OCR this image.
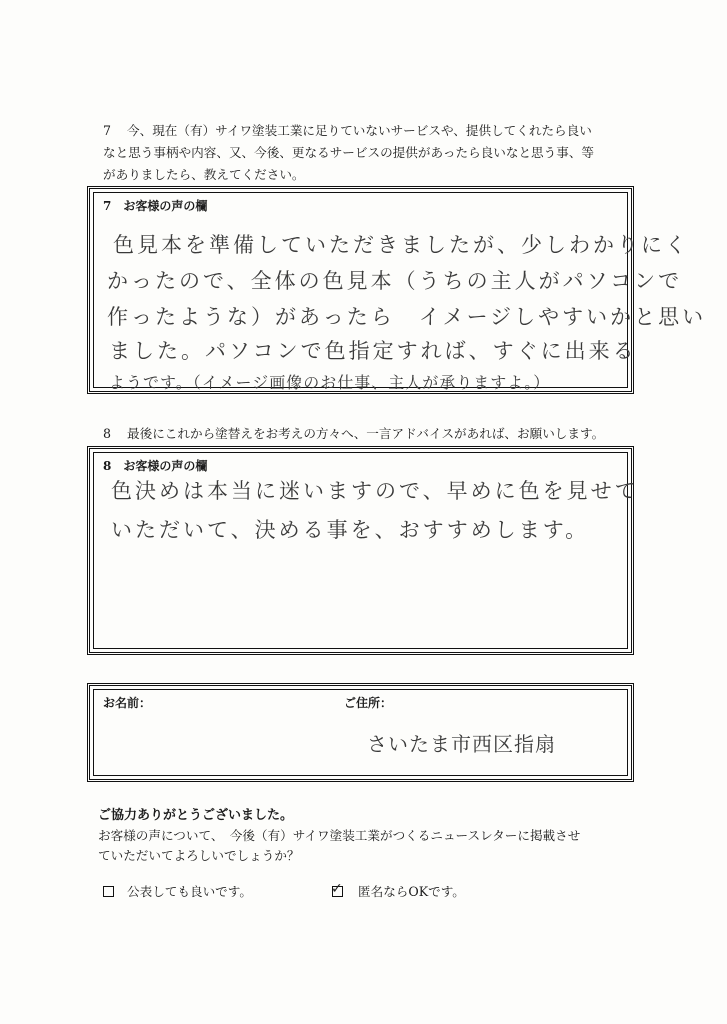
7 今、現在（有）サイワ塗装工業に足りていないサービスや、提供してくれたら良い
なと思う事柄や内容、又、今後、更なるサービスの提供があったら良いなと思う事、等
がありましたら、教えてください。
7　お客様の声の欄
色見本を準備していただきましたが、少しわかりにく
かったので、全体の色見本（うちの主人がパソコンで
作ったような）があったら　イメージしやすいかと思い
ました。パソコンで色指定すれば、すぐに出来る
ようです。（イメージ画像のお仕事、主人が承りますよ。）
8 最後にこれから塗替えをお考えの方々へ、一言アドバイスがあれば、お願いします。
8　お客様の声の欄
色決めは本当に迷いますので、早めに色を見せて
いただいて、決める事を、おすすめします。
お名前：	ご住所：
さいたま市西区指扇
ご協力ありがとうございました。
お客様の声について、　今後（有）サイワ塗装工業がつくるニュースレターに掲載させ
ていただいてよろしいでしょうか？
公表しても良いです。	✓ 匿名ならOKです。
